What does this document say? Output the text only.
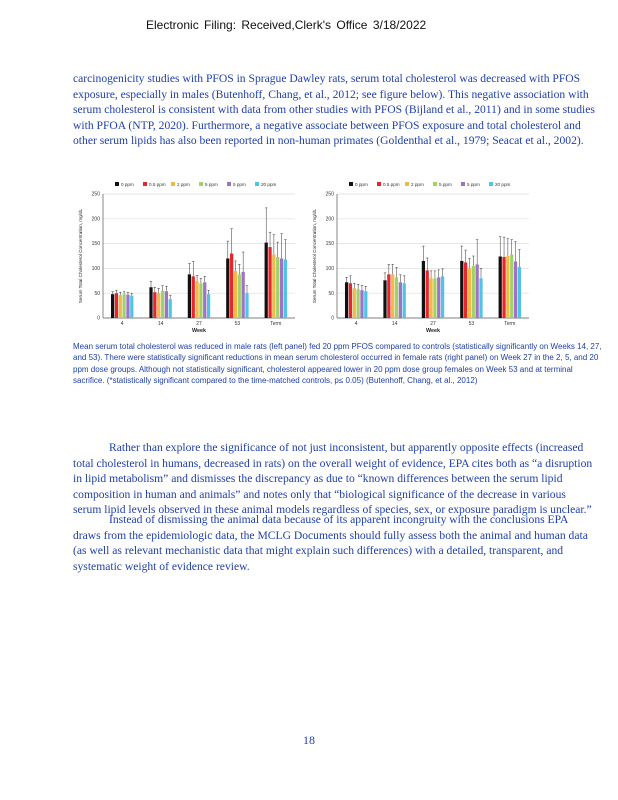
Electronic Filing: Received,Clerk's Office 3/18/2022

carcinogenicity studies with PFOS in Sprague Dawley rats, serum total cholesterol was decreased with PFOS exposure, especially in males (Butenhoff, Chang, et al., 2012; see figure below). This negative association with serum cholesterol is consistent with data from other studies with PFOS (Bijland et al., 2011) and in some studies with PFOA (NTP, 2020). Furthermore, a negative associate between PFOS exposure and total cholesterol and other serum lipids has also been reported in non-human primates (Goldenthal et al., 1979; Seacat et al., 2002).

0 ppm	0.5 ppm 2 ppm	5 ppm	5 ppm	20 ppm
0
50
100
150
200
250
Serum Total Cholesterol Concentration, mg/dL
4	14	27	53	Term
Week
0 ppm	0.5 ppm 2 ppm	5 ppm	5 ppm	20 ppm
0
50
100
150
200
250
Serum Total Cholesterol Concentration, mg/dL
4	14	27	53	Term
Week

Mean serum total cholesterol was reduced in male rats (left panel) fed 20 ppm PFOS compared to controls (statistically significantly on Weeks 14, 27, and 53). There were statistically significant reductions in mean serum cholesterol occurred in female rats (right panel) on Week 27 in the 2, 5, and 20 ppm dose groups. Although not statistically significant, cholesterol appeared lower in 20 ppm dose group females on Week 53 and at terminal sacrifice. (*statistically significant compared to the time-matched controls, p≤ 0.05) (Butenhoff, Chang, et al., 2012)

Rather than explore the significance of not just inconsistent, but apparently opposite effects (increased total cholesterol in humans, decreased in rats) on the overall weight of evidence, EPA cites both as “a disruption in lipid metabolism” and dismisses the discrepancy as due to “known differences between the serum lipid composition in human and animals” and notes only that “biological significance of the decrease in various serum lipid levels observed in these animal models regardless of species, sex, or exposure paradigm is unclear.”

Instead of dismissing the animal data because of its apparent incongruity with the conclusions EPA draws from the epidemiologic data, the MCLG Documents should fully assess both the animal and human data (as well as relevant mechanistic data that might explain such differences) with a detailed, transparent, and systematic weight of evidence review.

18
